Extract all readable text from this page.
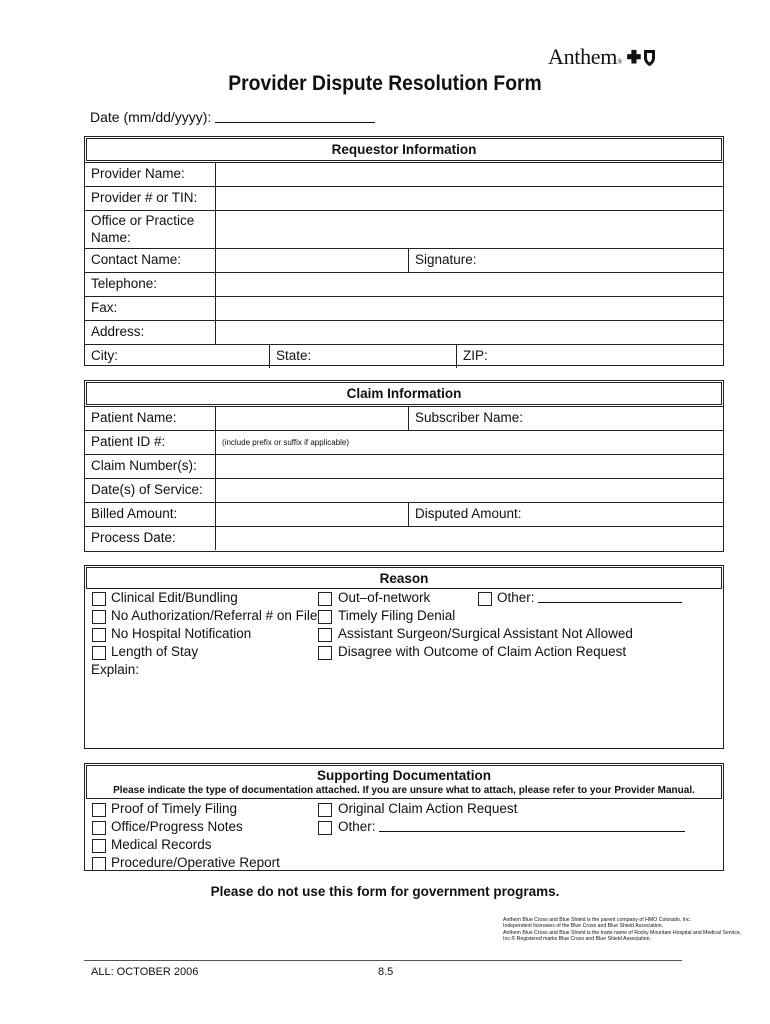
Anthem®
Provider Dispute Resolution Form
Date (mm/dd/yyyy):
Requestor Information
Provider Name:
Provider # or TIN:
Office or Practice
Name:
Contact Name:	Signature:
Telephone:
Fax:
Address:
City:	State:	ZIP:
Claim Information
Patient Name:	Subscriber Name:
Patient ID #:	(include prefix or suffix if applicable)
Claim Number(s):
Date(s) of Service:
Billed Amount:	Disputed Amount:
Process Date:
Reason
Clinical Edit/Bundling
No Authorization/Referral # on File
No Hospital Notification
Length of Stay
Out–of-network
Timely Filing Denial
Assistant Surgeon/Surgical Assistant Not Allowed
Disagree with Outcome of Claim Action Request
Other:
Explain:
Supporting Documentation
Please indicate the type of documentation attached. If you are unsure what to attach, please refer to your Provider Manual.
Proof of Timely Filing
Office/Progress Notes
Medical Records
Procedure/Operative Report
Original Claim Action Request
Other:
Please do not use this form for government programs.
Anthem Blue Cross and Blue Shield is the parent company of HMO Colorado, Inc.
Independent licensees of the Blue Cross and Blue Shield Association.
Anthem Blue Cross and Blue Shield is the trade name of Rocky Mountain Hospital and Medical Service,
Inc.® Registered marks Blue Cross and Blue Shield Association.
ALL: OCTOBER 2006	8.5
